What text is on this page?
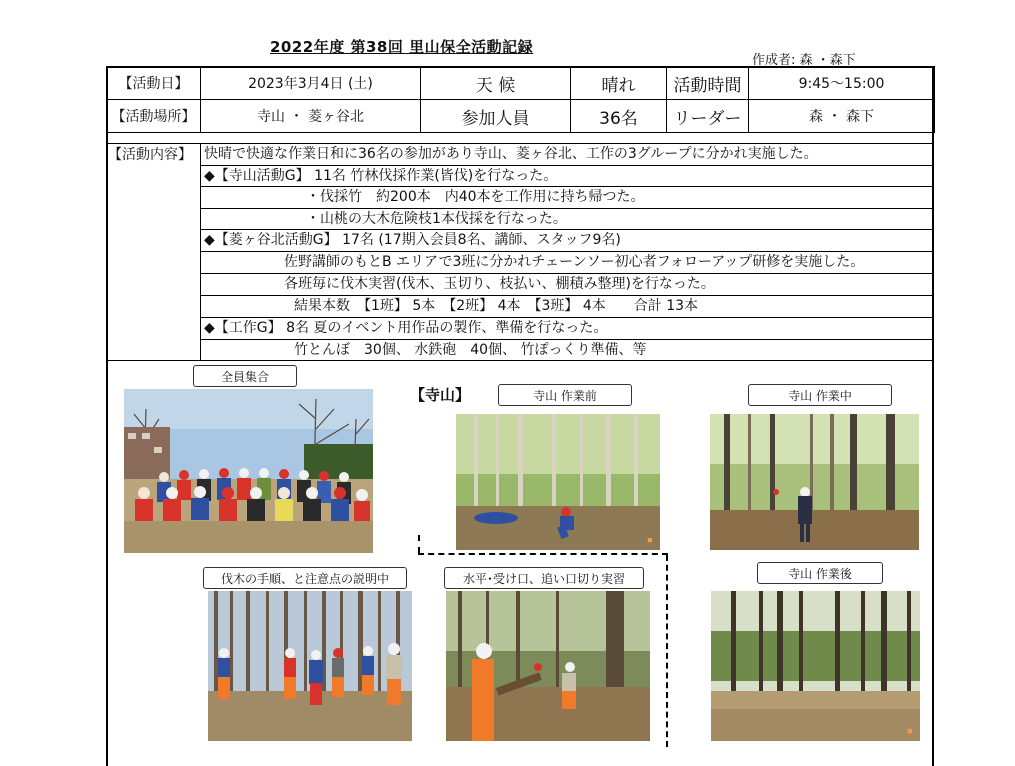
2022年度 第38回 里山保全活動記録
作成者: 森 ・森下
【活動日】	2023年3月4日 (土)	天 候	晴れ	活動時間	9:45～15:00
【活動場所】	寺山 ・ 菱ヶ谷北	参加人員	36名	リーダー	森 ・ 森下
【活動内容】 快晴で快適な作業日和に36名の参加があり寺山、菱ヶ谷北、工作の3グループに分かれ実施した。
◆【寺山活動G】 11名 竹林伐採作業(皆伐)を行なった。
・伐採竹　約200本　内40本を工作用に持ち帰つた。
・山桃の大木危険枝1本伐採を行なった。
◆【菱ヶ谷北活動G】 17名 (17期入会員8名、講師、スタッフ9名)
佐野講師のもとB エリアで3班に分かれチェーンソー初心者フォローアップ研修を実施した。
各班毎に伐木実習(伐木、玉切り、枝払い、棚積み整理)を行なった。
結果本数　【1班】 5本　【2班】 4本　【3班】 4本　　合計 13本
◆【工作G】 8名 夏のイベント用作品の製作、準備を行なった。
竹とんぼ　30個、 水鉄砲　40個、 竹ぽっくり準備、等
全員集合
【寺山】	寺山 作業前	寺山 作業中
伐木の手順、と注意点の説明中	水平･受け口、追い口切り実習	寺山 作業後
■
■
